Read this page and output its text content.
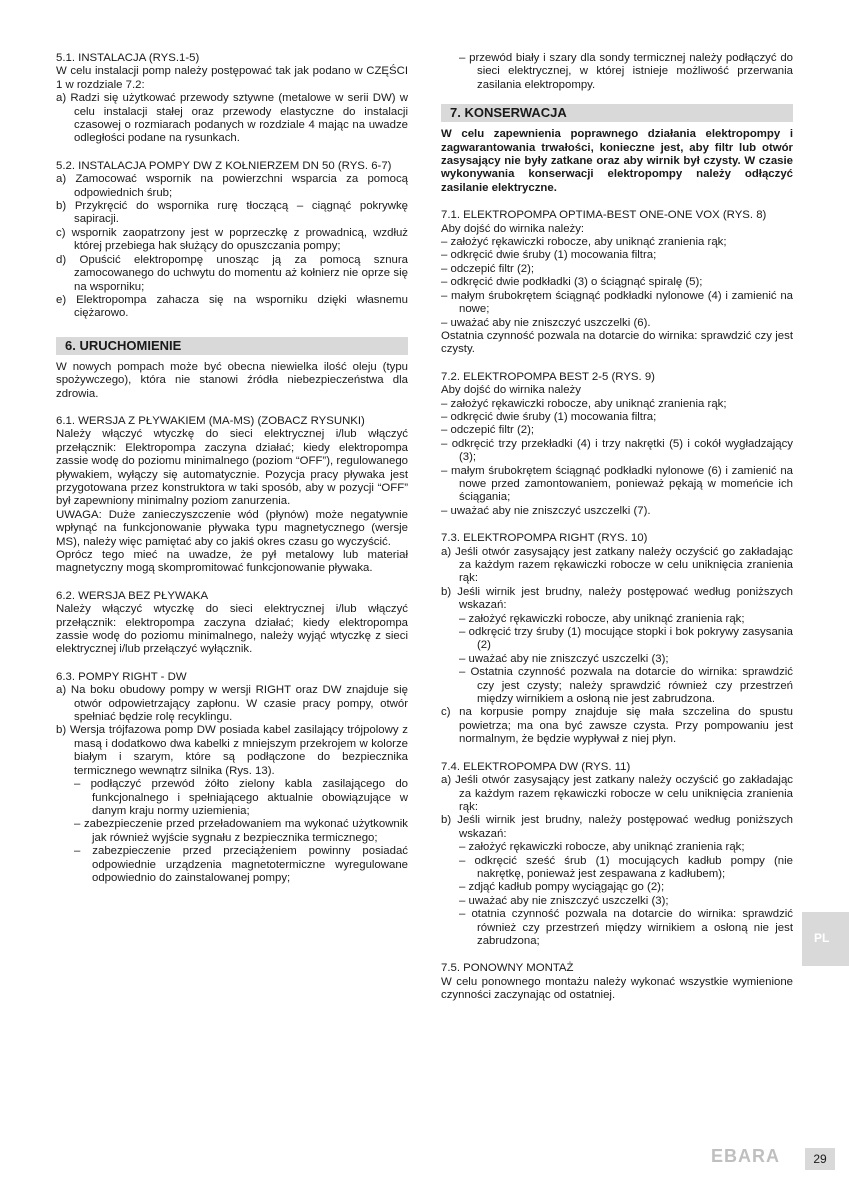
5.1. INSTALACJA (RYS.1-5)
W celu instalacji pomp należy postępować tak jak podano w CZĘŚCI 1 w rozdziale 7.2:
a) Radzi się użytkować przewody sztywne (metalowe w serii DW) w celu instalacji stałej oraz przewody elastyczne do instalacji czasowej o rozmiarach podanych w rozdziale 4 mając na uwadze odległości podane na rysunkach.
5.2. INSTALACJA POMPY DW Z KOŁNIERZEM DN 50 (RYS. 6-7)
a) Zamocować wspornik na powierzchni wsparcia za pomocą odpowiednich śrub;
b) Przykręcić do wspornika rurę tłoczącą – ciągnąć pokrywkę sapiracji.
c) wspornik zaopatrzony jest w poprzeczkę z prowadnicą, wzdłuż której przebiega hak służący do opuszczania pompy;
d) Opuścić elektropompę unosząc ją za pomocą sznura zamocowanego do uchwytu do momentu aż kołnierz nie oprze się na wsporniku;
e) Elektropompa zahacza się na wsporniku dzięki własnemu ciężarowo.
6. URUCHOMIENIE
W nowych pompach może być obecna niewielka ilość oleju (typu spożywczego), która nie stanowi źródła niebezpieczeństwa dla zdrowia.
6.1. WERSJA Z PŁYWAKIEM (MA-MS) (ZOBACZ RYSUNKI)
Należy włączyć wtyczkę do sieci elektrycznej i/lub włączyć przełącznik: Elektropompa zaczyna działać; kiedy elektropompa zassie wodę do poziomu minimalnego (poziom “OFF”), regulowanego pływakiem, wyłączy się automatycznie. Pozycja pracy pływaka jest przygotowana przez konstruktora w taki sposób, aby w pozycji “OFF” był zapewniony minimalny poziom zanurzenia.
UWAGA: Duże zanieczyszczenie wód (płynów) może negatywnie wpłynąć na funkcjonowanie pływaka typu magnetycznego (wersje MS), należy więc pamiętać aby co jakiś okres czasu go wyczyścić.
Oprócz tego mieć na uwadze, że pył metalowy lub materiał magnetyczny mogą skompromitować funkcjonowanie pływaka.
6.2. WERSJA BEZ PŁYWAKA
Należy włączyć wtyczkę do sieci elektrycznej i/lub włączyć przełącznik: elektropompa zaczyna działać; kiedy elektropompa zassie wodę do poziomu minimalnego, należy wyjąć wtyczkę z sieci elektrycznej i/lub przełączyć wyłącznik.
6.3. POMPY RIGHT - DW
a) Na boku obudowy pompy w wersji RIGHT oraz DW znajduje się otwór odpowietrzający zapłonu. W czasie pracy pompy, otwór spełniać będzie rolę recyklingu.
b) Wersja trójfazowa pomp DW posiada kabel zasilający trójpolowy z masą i dodatkowo dwa kabelki z mniejszym przekrojem w kolorze białym i szarym, które są podłączone do bezpiecznika termicznego wewnątrz silnika (Rys. 13).
– podłączyć przewód żółto zielony kabla zasilającego do funkcjonalnego i spełniającego aktualnie obowiązujące w danym kraju normy uziemienia;
– zabezpieczenie przed przeładowaniem ma wykonać użytkownik jak również wyjście sygnału z bezpiecznika termicznego;
– zabezpieczenie przed przeciążeniem powinny posiadać odpowiednie urządzenia magnetotermiczne wyregulowane odpowiednio do zainstalowanej pompy;
– przewód biały i szary dla sondy termicznej należy podłączyć do sieci elektrycznej, w której istnieje możliwość przerwania zasilania elektropompy.
7. KONSERWACJA
W celu zapewnienia poprawnego działania elektropompy i zagwarantowania trwałości, konieczne jest, aby filtr lub otwór zasysający nie były zatkane oraz aby wirnik był czysty. W czasie wykonywania konserwacji elektropompy należy odłączyć zasilanie elektryczne.
7.1. ELEKTROPOMPA OPTIMA-BEST ONE-ONE VOX (RYS. 8)
Aby dojść do wirnika należy:
– założyć rękawiczki robocze, aby uniknąć zranienia rąk;
– odkręcić dwie śruby (1) mocowania filtra;
– odczepić filtr (2);
– odkręcić dwie podkładki (3) o ściągnąć spiralę (5);
– małym śrubokrętem ściągnąć podkładki nylonowe (4) i zamienić na nowe;
– uważać aby nie zniszczyć uszczelki (6).
Ostatnia czynność pozwala na dotarcie do wirnika: sprawdzić czy jest czysty.
7.2. ELEKTROPOMPA BEST 2-5 (RYS. 9)
Aby dojść do wirnika należy
– założyć rękawiczki robocze, aby uniknąć zranienia rąk;
– odkręcić dwie śruby (1) mocowania filtra;
– odczepić filtr (2);
– odkręcić trzy przekładki (4) i trzy nakrętki (5) i cokół wygładzający (3);
– małym śrubokrętem ściągnąć podkładki nylonowe (6) i zamienić na nowe przed zamontowaniem, ponieważ pękają w momeńcie ich ściągania;
– uważać aby nie zniszczyć uszczelki (7).
7.3. ELEKTROPOMPA RIGHT (RYS. 10)
a) Jeśli otwór zasysający jest zatkany należy oczyścić go zakładając za każdym razem rękawiczki robocze w celu uniknięcia zranienia rąk:
b) Jeśli wirnik jest brudny, należy postępować według poniższych wskazań:
– założyć rękawiczki robocze, aby uniknąć zranienia rąk;
– odkręcić trzy śruby (1) mocujące stopki i bok pokrywy zasysania (2)
– uważać aby nie zniszczyć uszczelki (3);
– Ostatnia czynność pozwala na dotarcie do wirnika: sprawdzić czy jest czysty; należy sprawdzić również czy przestrzeń między wirnikiem a osłoną nie jest zabrudzona.
c) na korpusie pompy znajduje się mała szczelina do spustu powietrza; ma ona być zawsze czysta. Przy pompowaniu jest normalnym, że będzie wypływał z niej płyn.
7.4. ELEKTROPOMPA DW (RYS. 11)
a) Jeśli otwór zasysający jest zatkany należy oczyścić go zakładając za każdym razem rękawiczki robocze w celu uniknięcia zranienia rąk:
b) Jeśli wirnik jest brudny, należy postępować według poniższych wskazań:
– założyć rękawiczki robocze, aby uniknąć zranienia rąk;
– odkręcić sześć śrub (1) mocujących kadłub pompy (nie nakrętkę, ponieważ jest zespawana z kadłubem);
– zdjąć kadłub pompy wyciągając go (2);
– uważać aby nie zniszczyć uszczelki (3);
– otatnia czynność pozwala na dotarcie do wirnika: sprawdzić również czy przestrzeń między wirnikiem a osłoną nie jest zabrudzona;
7.5. PONOWNY MONTAŻ
W celu ponownego montażu należy wykonać wszystkie wymienione czynności zaczynając od ostatniej.
PL
EBARA	29
